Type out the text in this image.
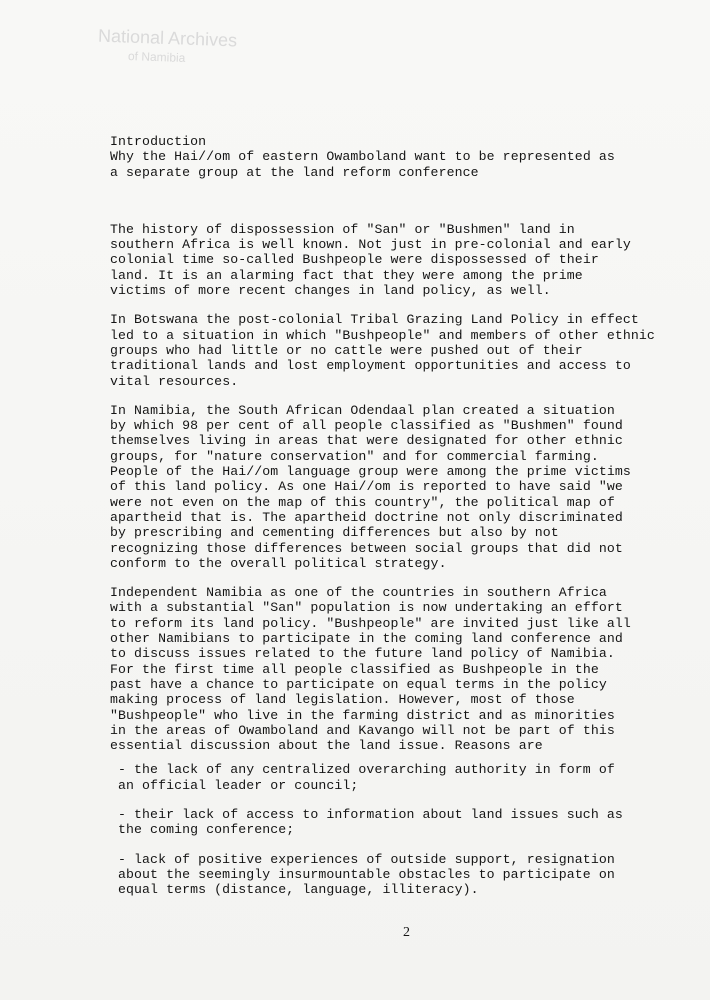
National Archives
of Namibia
Introduction
Why the Hai//om of eastern Owamboland want to be represented as
a separate group at the land reform conference
The history of dispossession of "San" or "Bushmen" land in
southern Africa is well known. Not just in pre-colonial and early
colonial time so-called Bushpeople were dispossessed of their
land. It is an alarming fact that they were among the prime
victims of more recent changes in land policy, as well.
In Botswana the post-colonial Tribal Grazing Land Policy in effect
led to a situation in which "Bushpeople" and members of other ethnic
groups who had little or no cattle were pushed out of their
traditional lands and lost employment opportunities and access to
vital resources.
In Namibia, the South African Odendaal plan created a situation
by which 98 per cent of all people classified as "Bushmen" found
themselves living in areas that were designated for other ethnic
groups, for "nature conservation" and for commercial farming.
People of the Hai//om language group were among the prime victims
of this land policy. As one Hai//om is reported to have said "we
were not even on the map of this country", the political map of
apartheid that is. The apartheid doctrine not only discriminated
by prescribing and cementing differences but also by not
recognizing those differences between social groups that did not
conform to the overall political strategy.
Independent Namibia as one of the countries in southern Africa
with a substantial "San" population is now undertaking an effort
to reform its land policy. "Bushpeople" are invited just like all
other Namibians to participate in the coming land conference and
to discuss issues related to the future land policy of Namibia.
For the first time all people classified as Bushpeople in the
past have a chance to participate on equal terms in the policy
making process of land legislation. However, most of those
"Bushpeople" who live in the farming district and as minorities
in the areas of Owamboland and Kavango will not be part of this
essential discussion about the land issue. Reasons are
- the lack of any centralized overarching authority in form of
an official leader or council;
- their lack of access to information about land issues such as
the coming conference;
- lack of positive experiences of outside support, resignation
about the seemingly insurmountable obstacles to participate on
equal terms (distance, language, illiteracy).
2
